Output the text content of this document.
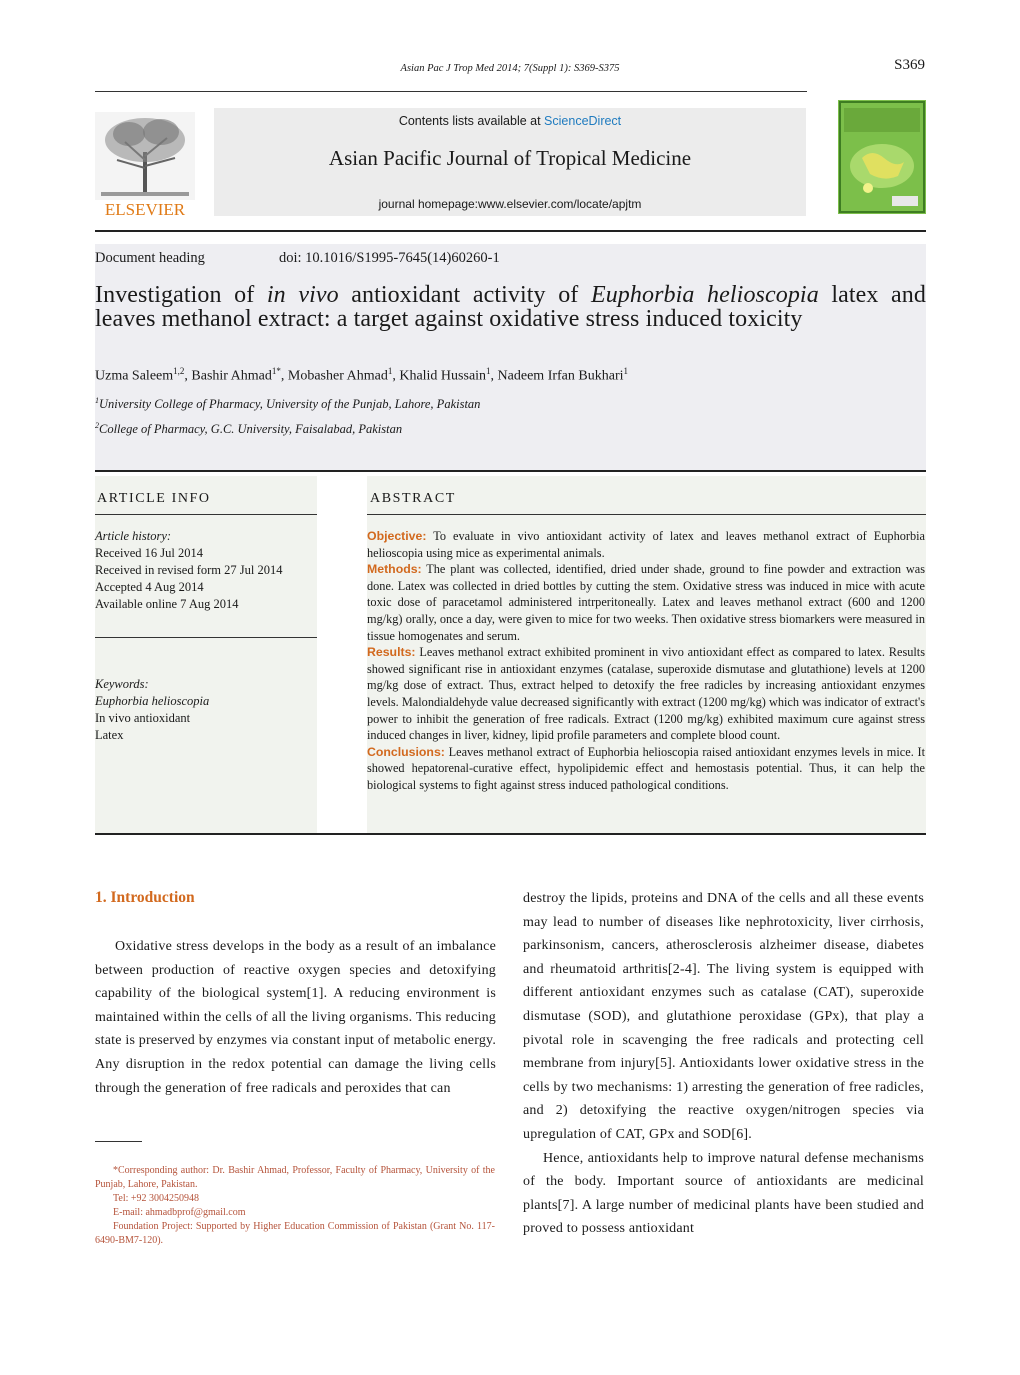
Asian Pac J Trop Med 2014; 7(Suppl 1): S369-S375	S369
ELSEVIER
Contents lists available at ScienceDirect
Asian Pacific Journal of Tropical Medicine
journal homepage:www.elsevier.com/locate/apjtm
Document heading	doi: 10.1016/S1995-7645(14)60260-1
Investigation of in vivo antioxidant activity of Euphorbia helioscopia latex and leaves methanol extract: a target against oxidative stress induced toxicity
Uzma Saleem$^{1,2}$, Bashir Ahmad$^{1*}$, Mobasher Ahmad$^1$, Khalid Hussain$^1$, Nadeem Irfan Bukhari$^1$
$^1$University College of Pharmacy, University of the Punjab, Lahore, Pakistan
$^2$College of Pharmacy, G.C. University, Faisalabad, Pakistan
ARTICLE INFO
Article history:
Received 16 Jul 2014
Received in revised form 27 Jul 2014
Accepted 4 Aug 2014
Available online 7 Aug 2014
Keywords:
Euphorbia helioscopia
In vivo antioxidant
Latex
ABSTRACT
Objective: To evaluate in vivo antioxidant activity of latex and leaves methanol extract of Euphorbia helioscopia using mice as experimental animals.
Methods: The plant was collected, identified, dried under shade, ground to fine powder and extraction was done. Latex was collected in dried bottles by cutting the stem. Oxidative stress was induced in mice with acute toxic dose of paracetamol administered intrperitoneally. Latex and leaves methanol extract (600 and 1200 mg/kg) orally, once a day, were given to mice for two weeks. Then oxidative stress biomarkers were measured in tissue homogenates and serum.
Results: Leaves methanol extract exhibited prominent in vivo antioxidant effect as compared to latex. Results showed significant rise in antioxidant enzymes (catalase, superoxide dismutase and glutathione) levels at 1200 mg/kg dose of extract. Thus, extract helped to detoxify the free radicles by increasing antioxidant enzymes levels. Malondialdehyde value decreased significantly with extract (1200 mg/kg) which was indicator of extract's power to inhibit the generation of free radicals. Extract (1200 mg/kg) exhibited maximum cure against stress induced changes in liver, kidney, lipid profile parameters and complete blood count.
Conclusions: Leaves methanol extract of Euphorbia helioscopia raised antioxidant enzymes levels in mice. It showed hepatorenal-curative effect, hypolipidemic effect and hemostasis potential. Thus, it can help the biological systems to fight against stress induced pathological conditions.
1. Introduction

Oxidative stress develops in the body as a result of an imbalance between production of reactive oxygen species and detoxifying capability of the biological system[1]. A reducing environment is maintained within the cells of all the living organisms. This reducing state is preserved by enzymes via constant input of metabolic energy. Any disruption in the redox potential can damage the living cells through the generation of free radicals and peroxides that can

destroy the lipids, proteins and DNA of the cells and all these events may lead to number of diseases like nephrotoxicity, liver cirrhosis, parkinsonism, cancers, atherosclerosis alzheimer disease, diabetes and rheumatoid arthritis[2-4]. The living system is equipped with different antioxidant enzymes such as catalase (CAT), superoxide dismutase (SOD), and glutathione peroxidase (GPx), that play a pivotal role in scavenging the free radicals and protecting cell membrane from injury[5]. Antioxidants lower oxidative stress in the cells by two mechanisms: 1) arresting the generation of free radicles, and 2) detoxifying the reactive oxygen/nitrogen species via upregulation of CAT, GPx and SOD[6].

Hence, antioxidants help to improve natural defense mechanisms of the body. Important source of antioxidants are medicinal plants[7]. A large number of medicinal plants have been studied and proved to possess antioxidant

*Corresponding author: Dr. Bashir Ahmad, Professor, Faculty of Pharmacy, University of the Punjab, Lahore, Pakistan.

Tel: +92 3004250948

E-mail: ahmadbprof@gmail.com

Foundation Project: Supported by Higher Education Commission of Pakistan (Grant No. 117-6490-BM7-120).
